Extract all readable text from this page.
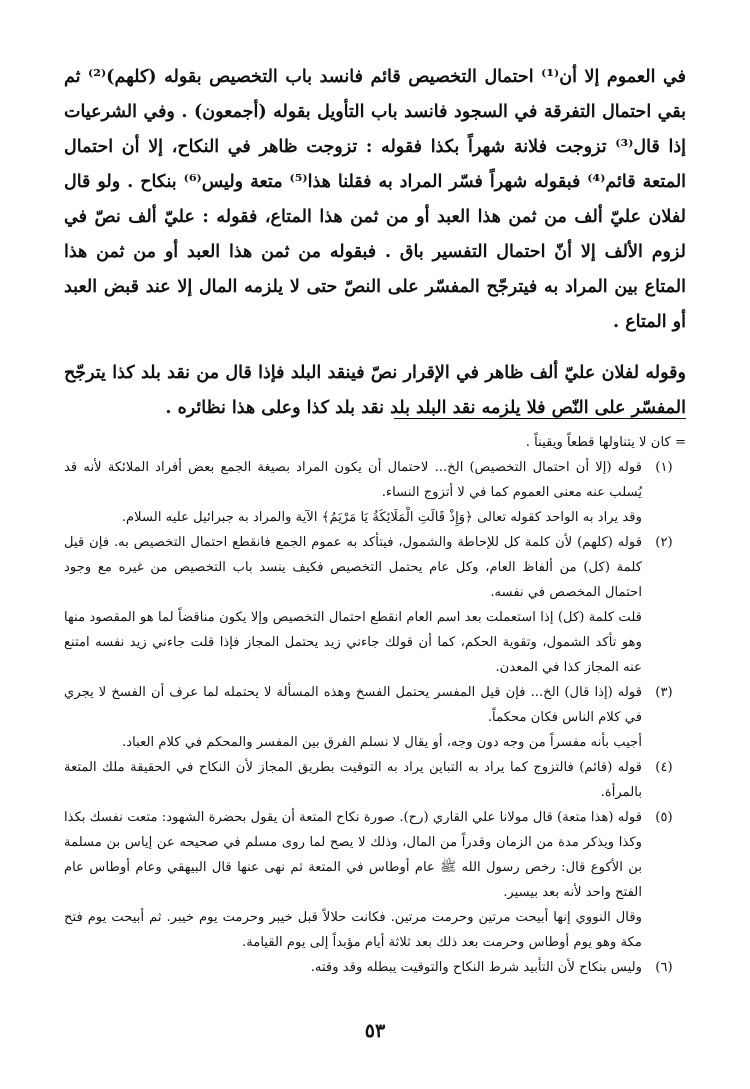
في العموم إلا أن⁽¹⁾ احتمال التخصيص قائم فانسد باب التخصيص بقوله (كلهم)⁽²⁾ ثم بقي احتمال التفرقة في السجود فانسد باب التأويل بقوله (أجمعون) . وفي الشرعيات إذا قال⁽³⁾ تزوجت فلانة شهراً بكذا فقوله : تزوجت ظاهر في النكاح، إلا أن احتمال المتعة قائم⁽⁴⁾ فبقوله شهراً فسّر المراد به فقلنا هذا⁽⁵⁾ متعة وليس⁽⁶⁾ بنكاح . ولو قال لفلان عليّ ألف من ثمن هذا العبد أو من ثمن هذا المتاع، فقوله : عليّ ألف نصّ في لزوم الألف إلا أنّ احتمال التفسير باق . فبقوله من ثمن هذا العبد أو من ثمن هذا المتاع بين المراد به فيترجّح المفسّر على النصّ حتى لا يلزمه المال إلا عند قبض العبد أو المتاع .

وقوله لفلان عليّ ألف ظاهر في الإقرار نصّ فينقد البلد فإذا قال من نقد بلد كذا يترجّح المفسّر على النّص فلا يلزمه نقد البلد بلد نقد بلد كذا وعلى هذا نظائره .

= كان لا يتناولها قطعاً ويقيناً .

(١)

قوله (إلا أن احتمال التخصيص) الخ... لاحتمال أن يكون المراد بصيغة الجمع بعض أفراد الملائكة لأنه قد يُسلب عنه معنى العموم كما في لا أتزوج النساء.

وقد يراد به الواحد كقوله تعالى ﴿وَإِذْ قَالَتِ الْمَلَائِكَةُ يَا مَرْيَمُ﴾ الآية والمراد به جبرائيل عليه السلام.

(٢)

قوله (كلهم) لأن كلمة كل للإحاطة والشمول، فيتأكد به عموم الجمع فانقطع احتمال التخصيص به. فإن قيل كلمة (كل) من ألفاظ العام، وكل عام يحتمل التخصيص فكيف ينسد باب التخصيص من غيره مع وجود احتمال المخصص في نفسه.

قلت كلمة (كل) إذا استعملت بعد اسم العام انقطع احتمال التخصيص وإلا يكون مناقضاً لما هو المقصود منها وهو تأكد الشمول، وتقوية الحكم، كما أن قولك جاءني زيد يحتمل المجاز فإذا قلت جاءني زيد نفسه امتنع عنه المجاز كذا في المعدن.

(٣)

قوله (إذا قال) الخ... فإن قيل المفسر يحتمل الفسخ وهذه المسألة لا يحتمله لما عرف أن الفسخ لا يجري في كلام الناس فكان محكماً.

أجيب بأنه مفسراً من وجه دون وجه، أو يقال لا نسلم الفرق بين المفسر والمحكم في كلام العباد.

(٤)

قوله (قائم) فالتزوج كما يراد به التباين يراد به التوقيت بطريق المجاز لأن النكاح في الحقيقة ملك المتعة بالمرأة.

(٥)

قوله (هذا متعة) قال مولانا علي القاري (رح). صورة نكاح المتعة أن يقول بحضرة الشهود: متعت نفسك بكذا وكذا ويذكر مدة من الزمان وقدراً من المال، وذلك لا يصح لما روى مسلم في صحيحه عن إياس بن مسلمة بن الأكوع قال: رخص رسول الله ﷺ عام أوطاس في المتعة ثم نهى عنها قال البيهقي وعام أوطاس عام الفتح واحد لأنه بعد بيسير.

وقال النووي إنها أبيحت مرتين وحرمت مرتين. فكانت حلالاً قبل خيبر وحرمت يوم خيبر. ثم أبيحت يوم فتح مكة وهو يوم أوطاس وحرمت بعد ذلك بعد ثلاثة أيام مؤبداً إلى يوم القيامة.

(٦)

وليس بنكاح لأن التأبيد شرط النكاح والتوقيت يبطله وقد وقته.

٥٣
